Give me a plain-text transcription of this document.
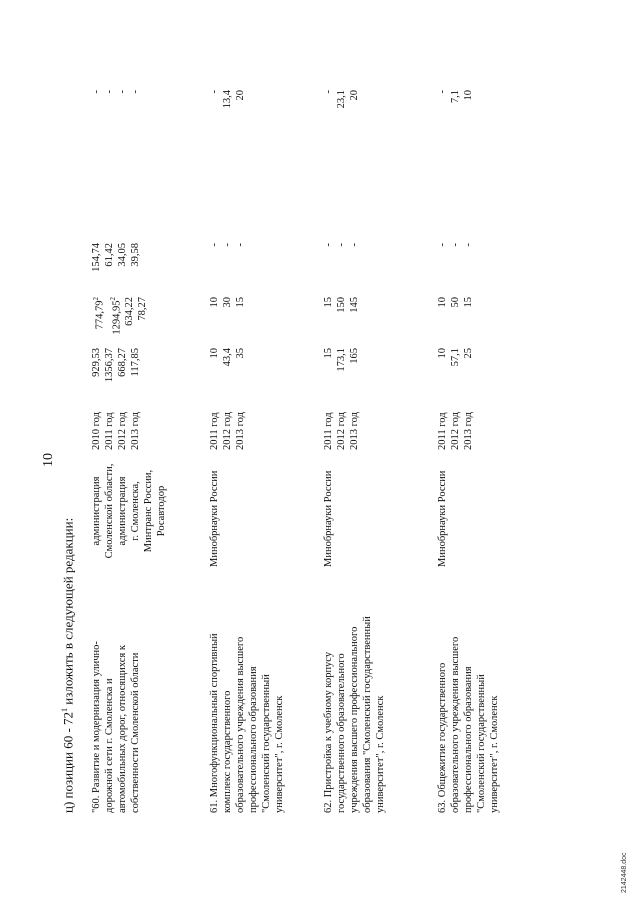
10
ц) позиции $60 - 72^1$ изложить в следующей редакции:
"60. Развитие и модернизация улично- дорожной сети г. Смоленска и автомобильных дорог, относящихся к собственности Смоленской области
администрация Смоленской области, администрация г. Смоленска, Минтранс России, Росавтодор
2010 год 2011 год 2012 год 2013 год
929,53 1356,37 668,27 117,85
774,79$^2$
1294,95$^2$ 634,22 78,27
154,74 61,42 34,05 39,58
- - - -
61. Многофункциональный спортивный комплекс государственного образовательного учреждения высшего профессионального образования "Смоленский государственный университет", г. Смоленск
Минобрнауки России
2011 год 2012 год 2013 год
10 43,4 35
10 30 15
- - -
- 13,4 20
62. Пристройка к учебному корпусу государственного образовательного учреждения высшего профессионального образования "Смоленский государственный университет", г. Смоленск
Минобрнауки России
2011 год 2012 год 2013 год
15 173,1 165
15 150 145
- - -
- 23,1 20
63. Общежитие государственного образовательного учреждения высшего профессионального образования "Смоленский государственный университет", г. Смоленск
Минобрнауки России
2011 год 2012 год 2013 год
10 57,1 25
10 50 15
- - -
- 7,1 10
2142448.doc
